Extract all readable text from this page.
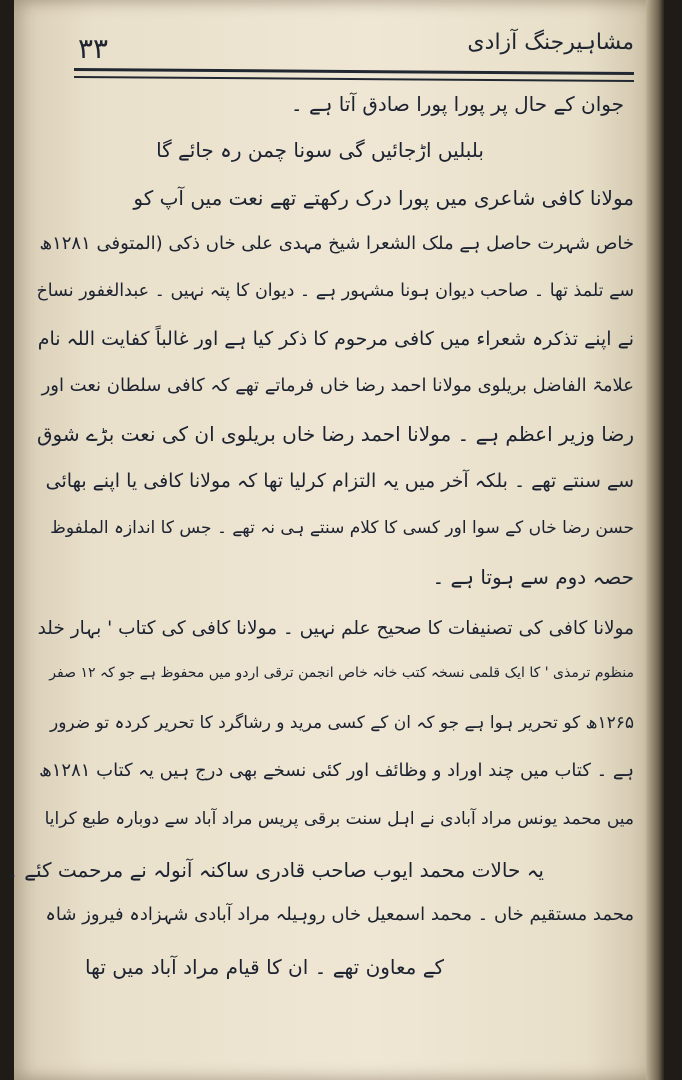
۳۳	مشاہیرجنگ آزادی
جوان کے حال پر پورا پورا صادق آتا ہے ۔
بلبلیں اڑجائیں گی سونا چمن رہ جائے گا
مولانا کافی شاعری میں پورا درک رکھتے تھے نعت میں آپ کو
خاص شہرت حاصل ہے ملک الشعرا شیخ مہدی علی خاں ذکی (المتوفی ۱۲۸۱ھ
سے تلمذ تھا ۔ صاحب دیوان ہونا مشہور ہے ۔ دیوان کا پتہ نہیں ۔ عبدالغفور نساخ
نے اپنے تذکرہ شعراء میں کافی مرحوم کا ذکر کیا ہے اور غالباً کفایت اللہ نام
علامۃ الفاضل بریلوی مولانا احمد رضا خاں فرماتے تھے کہ کافی سلطان نعت اور
رضا وزیر اعظم ہے ۔ مولانا احمد رضا خاں بریلوی ان کی نعت بڑے شوق
سے سنتے تھے ۔ بلکہ آخر میں یہ التزام کرلیا تھا کہ مولانا کافی یا اپنے بھائی
حسن رضا خاں کے سوا اور کسی کا کلام سنتے ہی نہ تھے ۔ جس کا اندازہ الملفوظ
حصہ دوم سے ہوتا ہے ۔
مولانا کافی کی تصنیفات کا صحیح علم نہیں ۔ مولانا کافی کی کتاب ' بہار خلد
منظوم ترمذی ' کا ایک قلمی نسخہ کتب خانہ خاص انجمن ترقی اردو میں محفوظ ہے جو کہ ۱۲ صفر
۱۲۶۵ھ کو تحریر ہوا ہے جو کہ ان کے کسی مرید و رشاگرد کا تحریر کردہ تو ضرور
ہے ۔ کتاب میں چند اوراد و وظائف اور کئی نسخے بھی درج ہیں یہ کتاب ۱۲۸۱ھ
میں محمد یونس مراد آبادی نے اہل سنت برقی پریس مراد آباد سے دوبارہ طبع کرایا
یہ حالات محمد ایوب صاحب قادری ساکنہ آنولہ نے مرحمت کئے ۔
محمد مستقیم خاں ۔ محمد اسمعیل خاں روہیلہ مراد آبادی شہزادہ فیروز شاہ
کے معاون تھے ۔ ان کا قیام مراد آباد میں تھا
